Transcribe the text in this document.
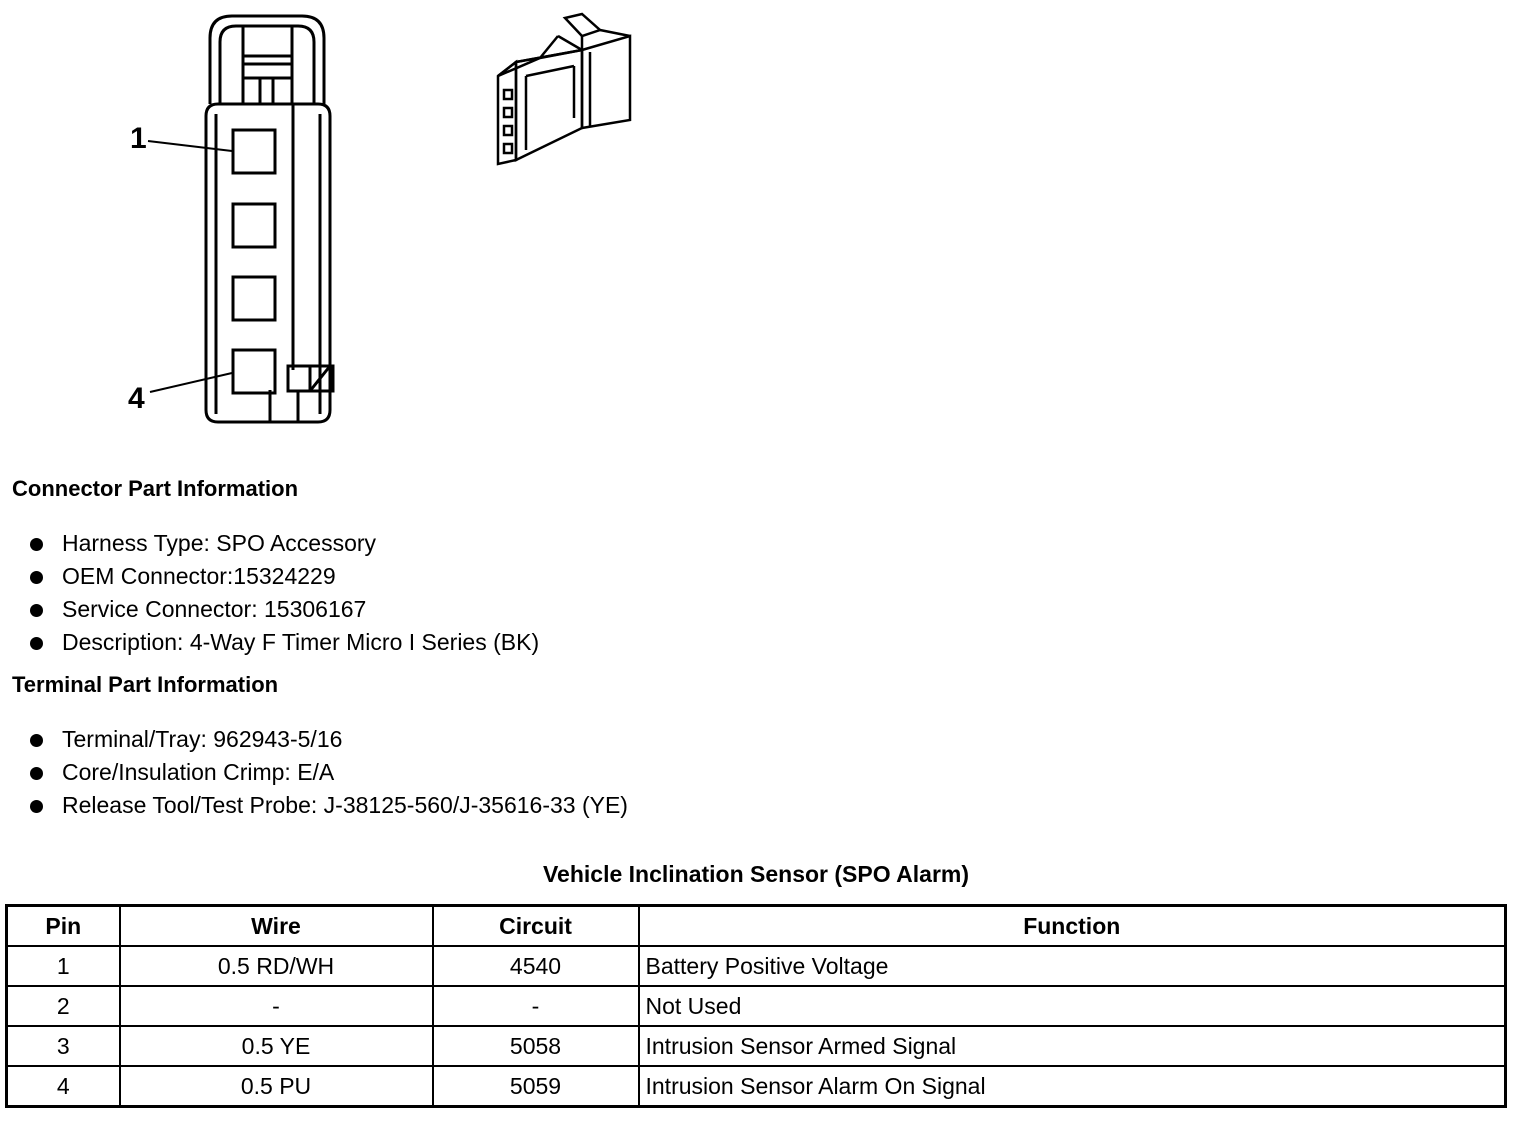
1
4
Connector Part Information
Harness Type: SPO Accessory
OEM Connector:15324229
Service Connector: 15306167
Description: 4-Way F Timer Micro I Series (BK)
Terminal Part Information
Terminal/Tray: 962943-5/16
Core/Insulation Crimp: E/A
Release Tool/Test Probe: J-38125-560/J-35616-33 (YE)
Vehicle Inclination Sensor (SPO Alarm)
Pin	Wire	Circuit	Function
1	0.5 RD/WH	4540	Battery Positive Voltage
2	-	-	Not Used
3	0.5 YE	5058	Intrusion Sensor Armed Signal
4	0.5 PU	5059	Intrusion Sensor Alarm On Signal
